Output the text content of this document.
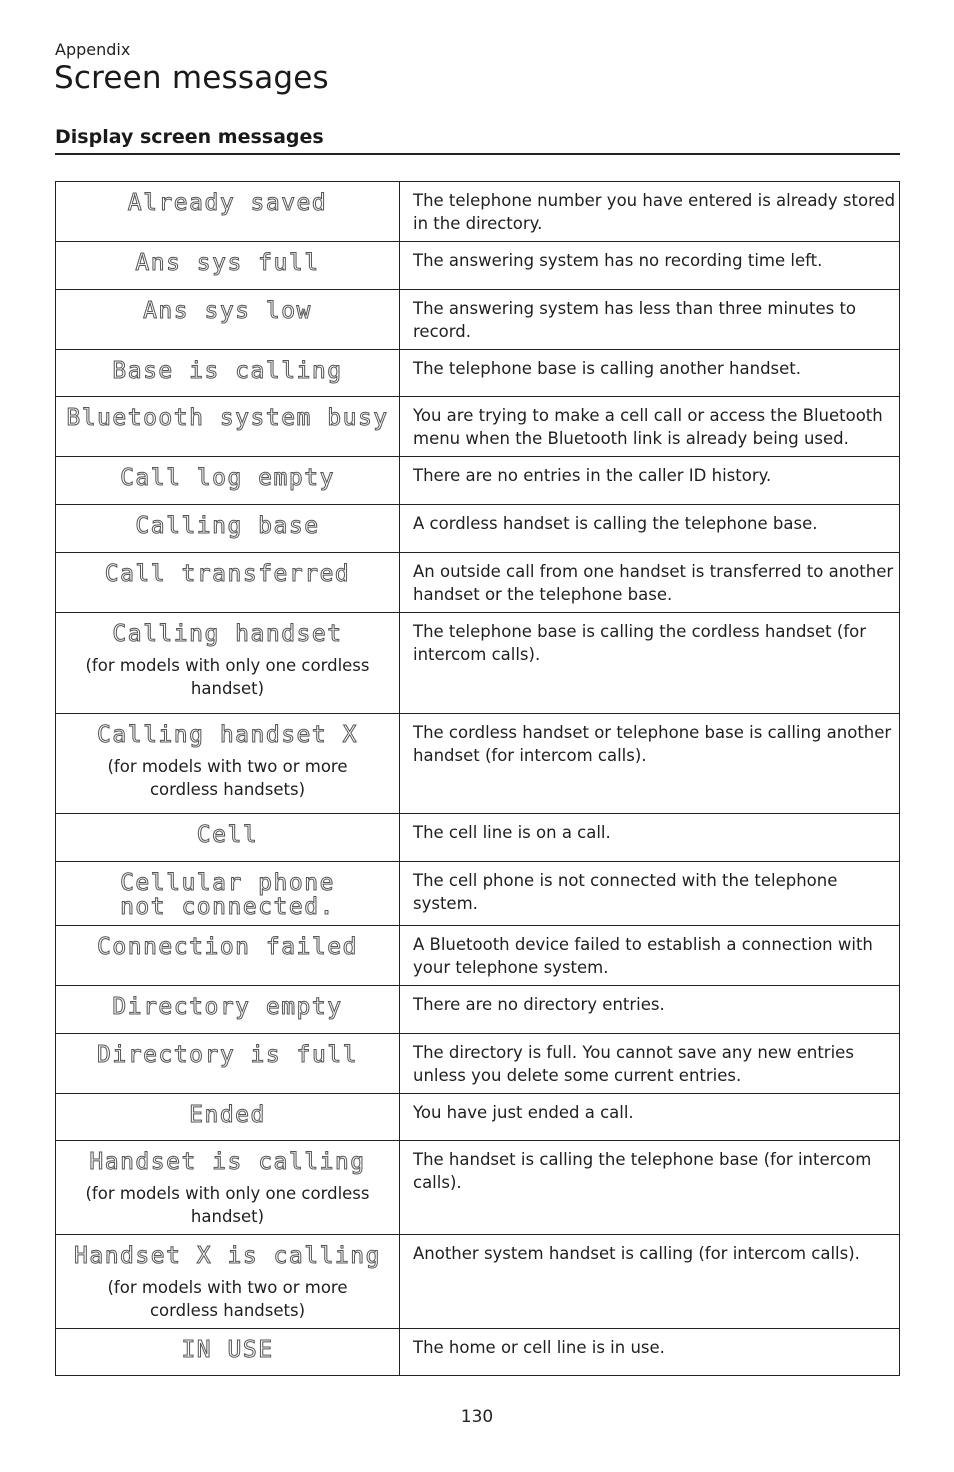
Appendix
Screen messages
Display screen messages
Already saved	The telephone number you have entered is already stored in the directory.

Ans sys full	The answering system has no recording time left.

Ans sys low	The answering system has less than three minutes to record.

Base is calling	The telephone base is calling another handset.

Bluetooth system busy	You are trying to make a cell call or access the Bluetooth menu when the Bluetooth link is already being used.

Call log empty	There are no entries in the caller ID history.

Calling base	A cordless handset is calling the telephone base.

Call transferred	An outside call from one handset is transferred to another handset or the telephone base.

Calling handset
(for models with only one cordless handset)	The telephone base is calling the cordless handset (for intercom calls).

Calling handset X
(for models with two or more cordless handsets)	The cordless handset or telephone base is calling another handset (for intercom calls).

Cell	The cell line is on a call.

Cellular phone
not connected.	The cell phone is not connected with the telephone system.

Connection failed	A Bluetooth device failed to establish a connection with your telephone system.

Directory empty	There are no directory entries.

Directory is full	The directory is full. You cannot save any new entries unless you delete some current entries.

Ended	You have just ended a call.

Handset is calling
(for models with only one cordless handset)	The handset is calling the telephone base (for intercom calls).

Handset X is calling
(for models with two or more cordless handsets)	Another system handset is calling (for intercom calls).

IN USE	The home or cell line is in use.
130
